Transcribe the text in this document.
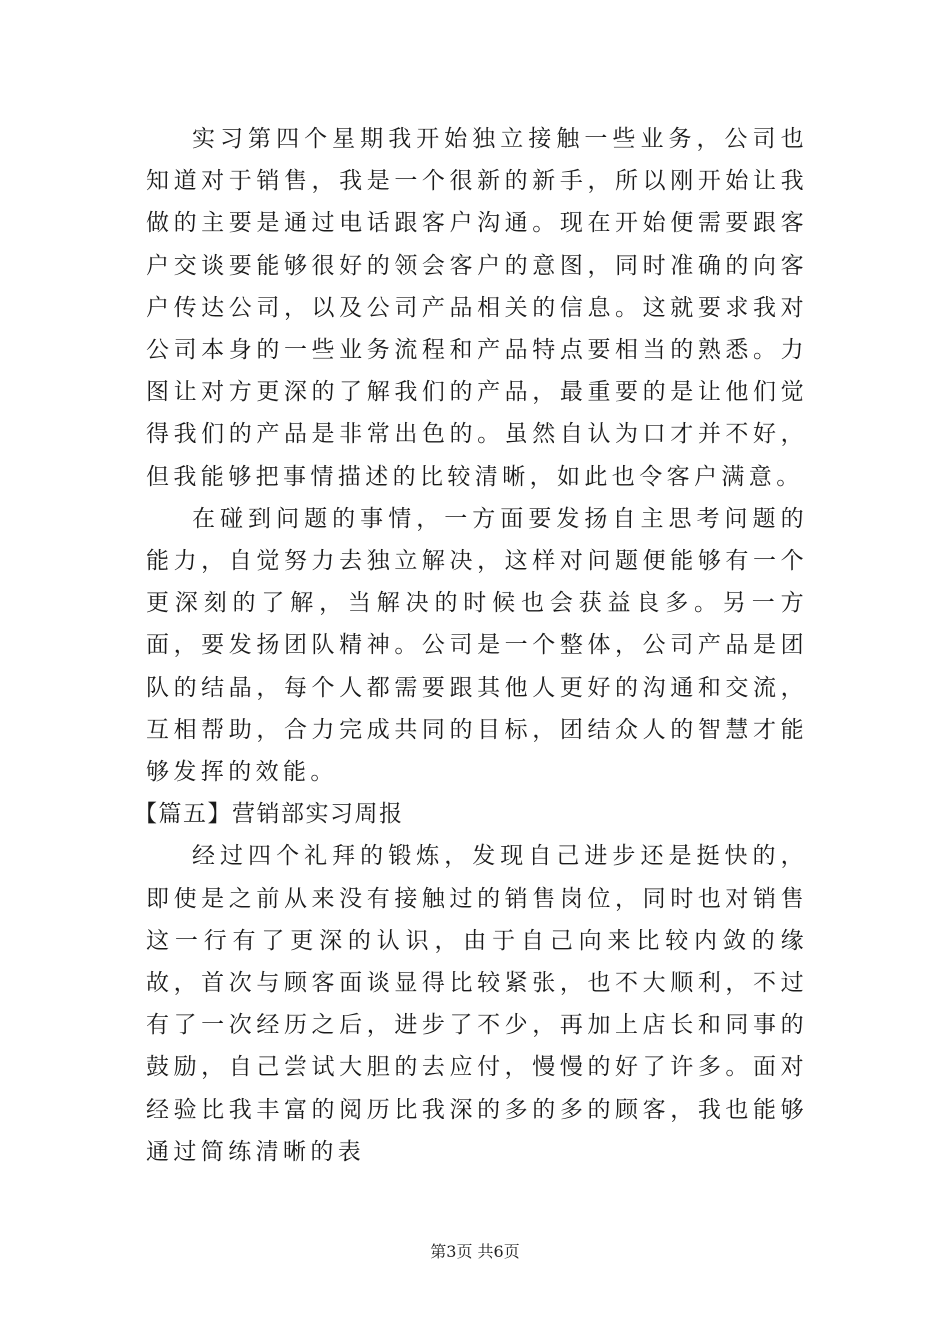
实习第四个星期我开始独立接触一些业务，公司也知道对于销售，我是一个很新的新手，所以刚开始让我做的主要是通过电话跟客户沟通。现在开始便需要跟客户交谈要能够很好的领会客户的意图，同时准确的向客户传达公司，以及公司产品相关的信息。这就要求我对公司本身的一些业务流程和产品特点要相当的熟悉。力图让对方更深的了解我们的产品，最重要的是让他们觉得我们的产品是非常出色的。虽然自认为口才并不好，但我能够把事情描述的比较清晰，如此也令客户满意。

在碰到问题的事情，一方面要发扬自主思考问题的能力，自觉努力去独立解决，这样对问题便能够有一个更深刻的了解，当解决的时候也会获益良多。另一方面，要发扬团队精神。公司是一个整体，公司产品是团队的结晶，每个人都需要跟其他人更好的沟通和交流，互相帮助，合力完成共同的目标，团结众人的智慧才能够发挥的效能。

【篇五】营销部实习周报

经过四个礼拜的锻炼，发现自己进步还是挺快的，即使是之前从来没有接触过的销售岗位，同时也对销售这一行有了更深的认识，由于自己向来比较内敛的缘故，首次与顾客面谈显得比较紧张，也不大顺利，不过有了一次经历之后，进步了不少，再加上店长和同事的鼓励，自己尝试大胆的去应付，慢慢的好了许多。面对经验比我丰富的阅历比我深的多的多的顾客，我也能够通过简练清晰的表

第3页 共6页
